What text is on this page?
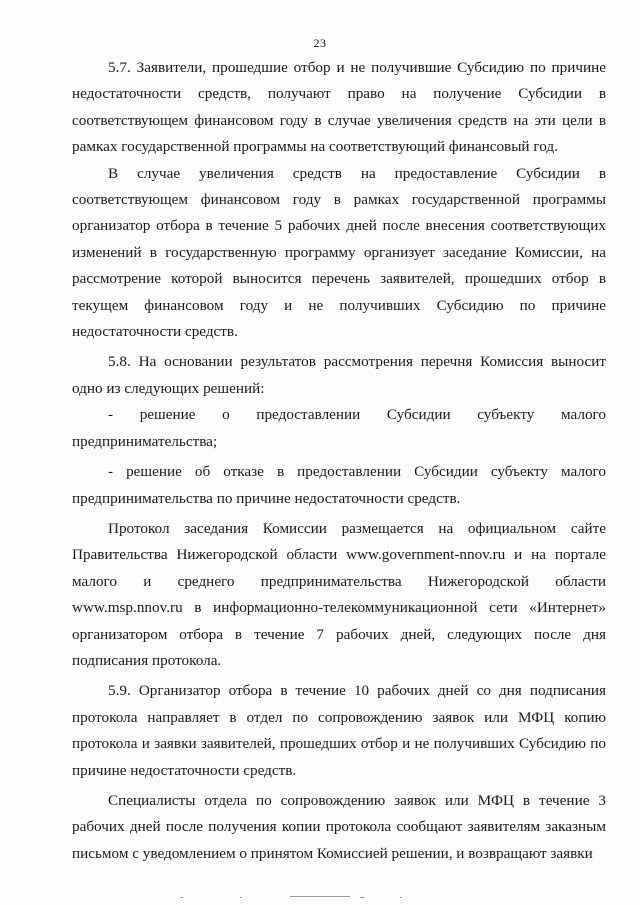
23

5.7. Заявители, прошедшие отбор и не получившие Субсидию по причине недостаточности средств, получают право на получение Субсидии в соответствующем финансовом году в случае увеличения средств на эти цели в рамках государственной программы на соответствующий финансовый год.

В случае увеличения средств на предоставление Субсидии в соответствующем финансовом году в рамках государственной программы организатор отбора в течение 5 рабочих дней после внесения соответствующих изменений в государственную программу организует заседание Комиссии, на рассмотрение которой выносится перечень заявителей, прошедших отбор в текущем финансовом году и не получивших Субсидию по причине недостаточности средств.

5.8. На основании результатов рассмотрения перечня Комиссия выносит одно из следующих решений:

- решение о предоставлении Субсидии субъекту малого предпринимательства;

- решение об отказе в предоставлении Субсидии субъекту малого предпринимательства по причине недостаточности средств.

Протокол заседания Комиссии размещается на официальном сайте Правительства Нижегородской области www.government-nnov.ru и на портале малого и среднего предпринимательства Нижегородской области www.msp.nnov.ru в информационно-телекоммуникационной сети «Интернет» организатором отбора в течение 7 рабочих дней, следующих после дня подписания протокола.

5.9. Организатор отбора в течение 10 рабочих дней со дня подписания протокола направляет в отдел по сопровождению заявок или МФЦ копию протокола и заявки заявителей, прошедших отбор и не получивших Субсидию по причине недостаточности средств.

Специалисты отдела по сопровождению заявок или МФЦ в течение 3 рабочих дней после получения копии протокола сообщают заявителям заказным письмом с уведомлением о принятом Комиссией решении, и возвращают заявки
